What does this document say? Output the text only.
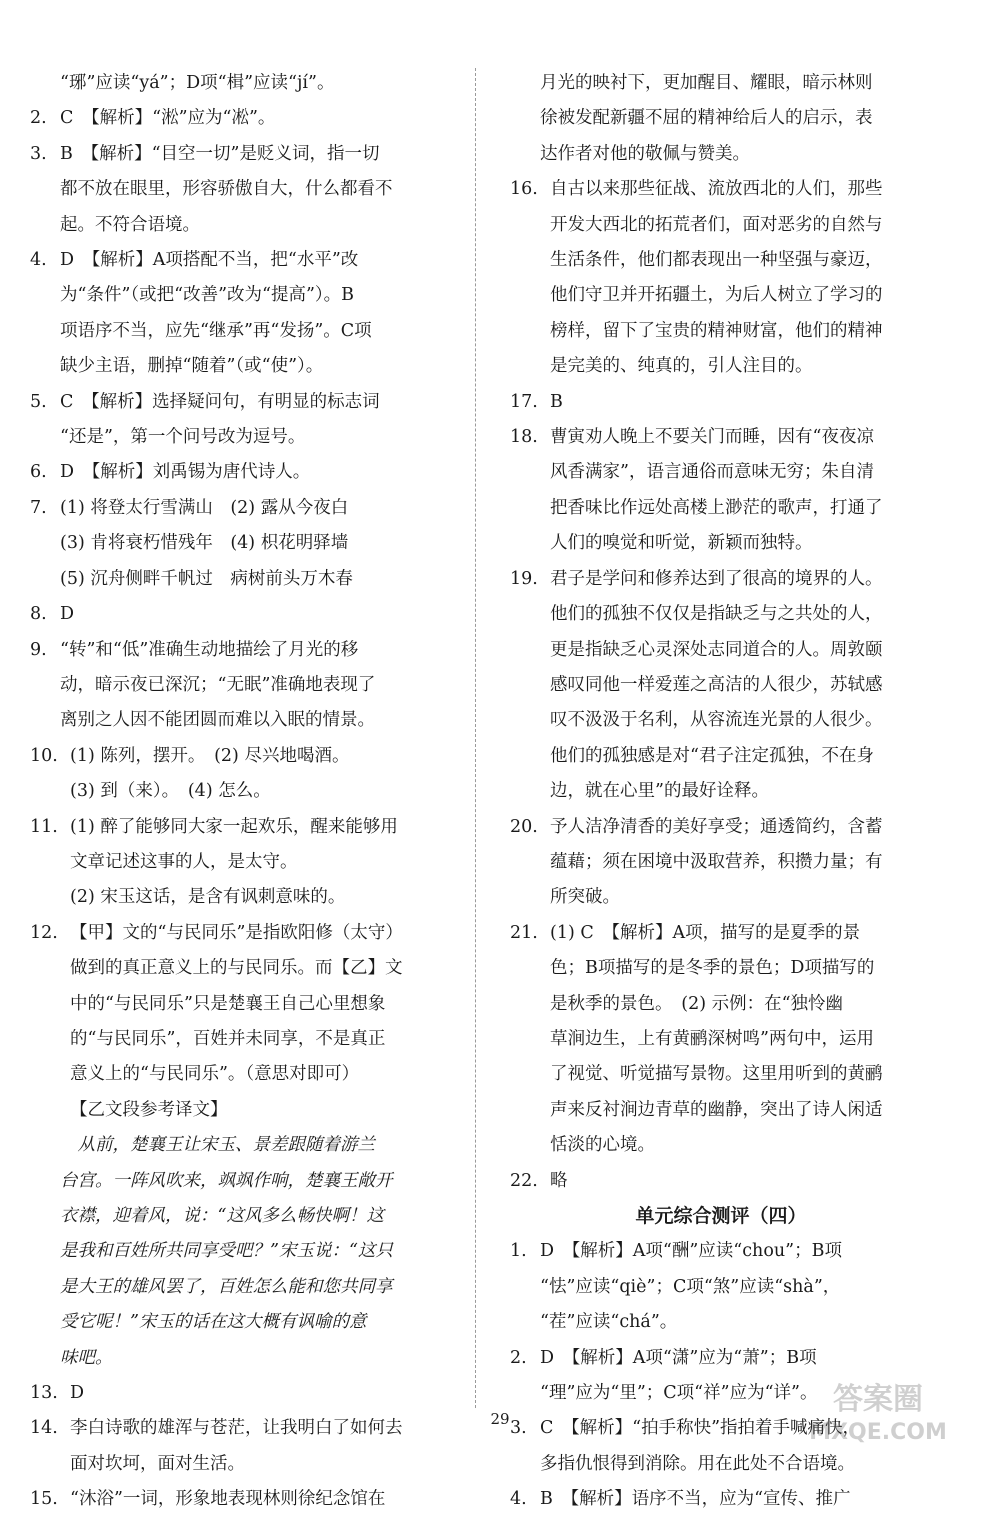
“琊”应读“yá”；D项“楫”应读“jí”。
2. C　【解析】“淞”应为“凇”。
3. B　【解析】“目空一切”是贬义词，指一切
都不放在眼里，形容骄傲自大，什么都看不
起。不符合语境。
4. D　【解析】A项搭配不当，把“水平”改
为“条件”（或把“改善”改为“提高”）。B
项语序不当，应先“继承”再“发扬”。C项
缺少主语，删掉“随着”（或“使”）。
5. C　【解析】选择疑问句，有明显的标志词
“还是”，第一个问号改为逗号。
6. D　【解析】刘禹锡为唐代诗人。
7. (1) 将登太行雪满山　(2) 露从今夜白
(3) 肯将衰朽惜残年　(4) 枳花明驿墙
(5) 沉舟侧畔千帆过　病树前头万木春
8. D
9. “转”和“低”准确生动地描绘了月光的移
动，暗示夜已深沉；“无眠”准确地表现了
离别之人因不能团圆而难以入眠的情景。
10. (1) 陈列，摆开。　(2) 尽兴地喝酒。
(3) 到（来）。　(4) 怎么。
11. (1) 醉了能够同大家一起欢乐，醒来能够用
文章记述这事的人，是太守。
(2) 宋玉这话，是含有讽刺意味的。
12. 【甲】文的“与民同乐”是指欧阳修（太守）
做到的真正意义上的与民同乐。而【乙】文
中的“与民同乐”只是楚襄王自己心里想象
的“与民同乐”，百姓并未同享，不是真正
意义上的“与民同乐”。（意思对即可）
【乙文段参考译文】
　从前，楚襄王让宋玉、景差跟随着游兰
台宫。一阵风吹来，飒飒作响，楚襄王敞开
衣襟，迎着风，说：“这风多么畅快啊！这
是我和百姓所共同享受吧？”宋玉说：“这只
是大王的雄风罢了，百姓怎么能和您共同享
受它呢！”宋玉的话在这大概有讽喻的意
味吧。
13. D
14. 李白诗歌的雄浑与苍茫，让我明白了如何去
面对坎坷，面对生活。
15. “沐浴”一词，形象地表现林则徐纪念馆在
月光的映衬下，更加醒目、耀眼，暗示林则
徐被发配新疆不屈的精神给后人的启示，表
达作者对他的敬佩与赞美。
16. 自古以来那些征战、流放西北的人们，那些
开发大西北的拓荒者们，面对恶劣的自然与
生活条件，他们都表现出一种坚强与豪迈，
他们守卫并开拓疆土，为后人树立了学习的
榜样，留下了宝贵的精神财富，他们的精神
是完美的、纯真的，引人注目的。
17. B
18. 曹寅劝人晚上不要关门而睡，因有“夜夜凉
风香满家”，语言通俗而意味无穷；朱自清
把香味比作远处高楼上渺茫的歌声，打通了
人们的嗅觉和听觉，新颖而独特。
19. 君子是学问和修养达到了很高的境界的人。
他们的孤独不仅仅是指缺乏与之共处的人，
更是指缺乏心灵深处志同道合的人。周敦颐
感叹同他一样爱莲之高洁的人很少，苏轼感
叹不汲汲于名利，从容流连光景的人很少。
他们的孤独感是对“君子注定孤独，不在身
边，就在心里”的最好诠释。
20. 予人洁净清香的美好享受；通透简约，含蓄
蕴藉；须在困境中汲取营养，积攒力量；有
所突破。
21. (1) C　【解析】A项，描写的是夏季的景
色；B项描写的是冬季的景色；D项描写的
是秋季的景色。　(2) 示例：在“独怜幽
草涧边生，上有黄鹂深树鸣”两句中，运用
了视觉、听觉描写景物。这里用听到的黄鹂
声来反衬涧边青草的幽静，突出了诗人闲适
恬淡的心境。
22. 略
单元综合测评（四）
1. D　【解析】A项“酬”应读“chou”；B项
“怯”应读“qiè”；C项“煞”应读“shà”，
“茬”应读“chá”。
2. D　【解析】A项“潇”应为“萧”；B项
“理”应为“里”；C项“祥”应为“详”。
3. C　【解析】“拍手称快”指拍着手喊痛快，
多指仇恨得到消除。用在此处不合语境。
4. B　【解析】语序不当，应为“宣传、推广
29
答案圈
MXQE.COM
